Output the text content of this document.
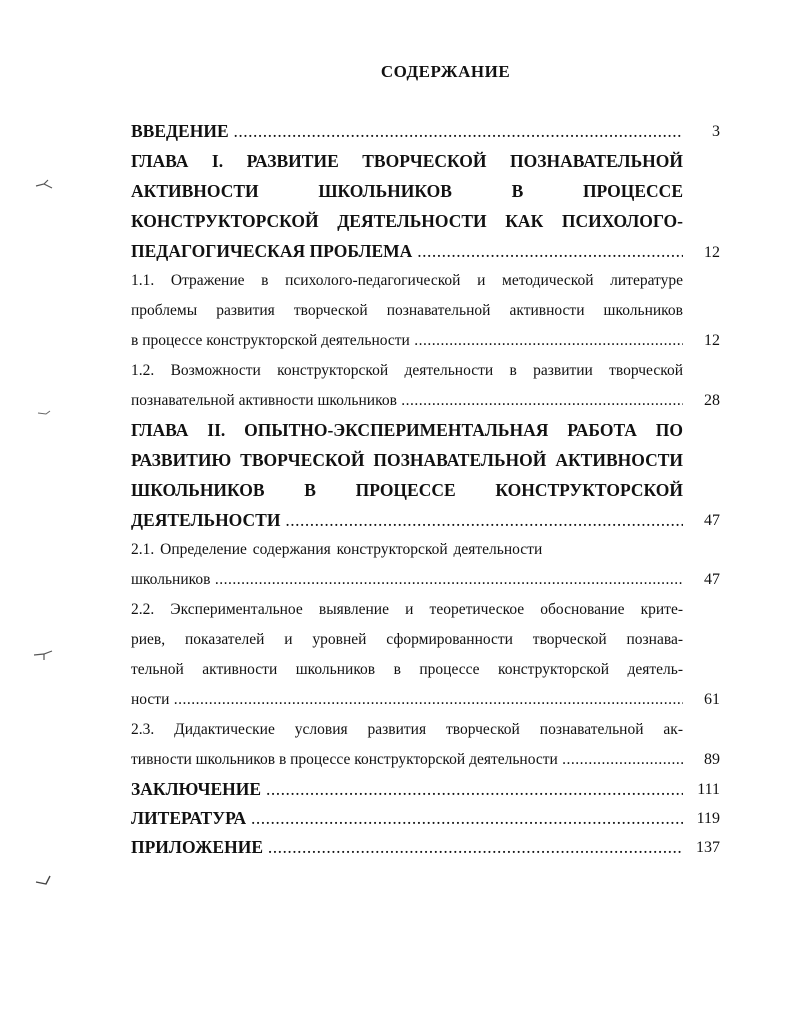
СОДЕРЖАНИЕ
ВВЕДЕНИЕ .....	3
ГЛАВА I. РАЗВИТИЕ ТВОРЧЕСКОЙ ПОЗНАВАТЕЛЬНОЙ
АКТИВНОСТИ ШКОЛЬНИКОВ В ПРОЦЕССЕ
КОНСТРУКТОРСКОЙ ДЕЯТЕЛЬНОСТИ КАК ПСИХОЛОГО-
ПЕДАГОГИЧЕСКАЯ ПРОБЛЕМА .....	12
1.1. Отражение в психолого-педагогической и методической литературе
проблемы развития творческой познавательной активности школьников
в процессе конструкторской деятельности .....	12
1.2. Возможности конструкторской деятельности в развитии творческой
познавательной активности школьников .....	28
ГЛАВА II. ОПЫТНО-ЭКСПЕРИМЕНТАЛЬНАЯ РАБОТА ПО
РАЗВИТИЮ ТВОРЧЕСКОЙ ПОЗНАВАТЕЛЬНОЙ АКТИВНОСТИ
ШКОЛЬНИКОВ В ПРОЦЕССЕ КОНСТРУКТОРСКОЙ
ДЕЯТЕЛЬНОСТИ .....	47
2.1. Определение содержания конструкторской деятельности
школьников .....	47
2.2. Экспериментальное выявление и теоретическое обоснование крите-
риев, показателей и уровней сформированности творческой познава-
тельной активности школьников в процессе конструкторской деятель-
ности .....	61
2.3. Дидактические условия развития творческой познавательной ак-
тивности школьников в процессе конструкторской деятельности .....	89
ЗАКЛЮЧЕНИЕ .....	111
ЛИТЕРАТУРА .....	119
ПРИЛОЖЕНИЕ .....	137
